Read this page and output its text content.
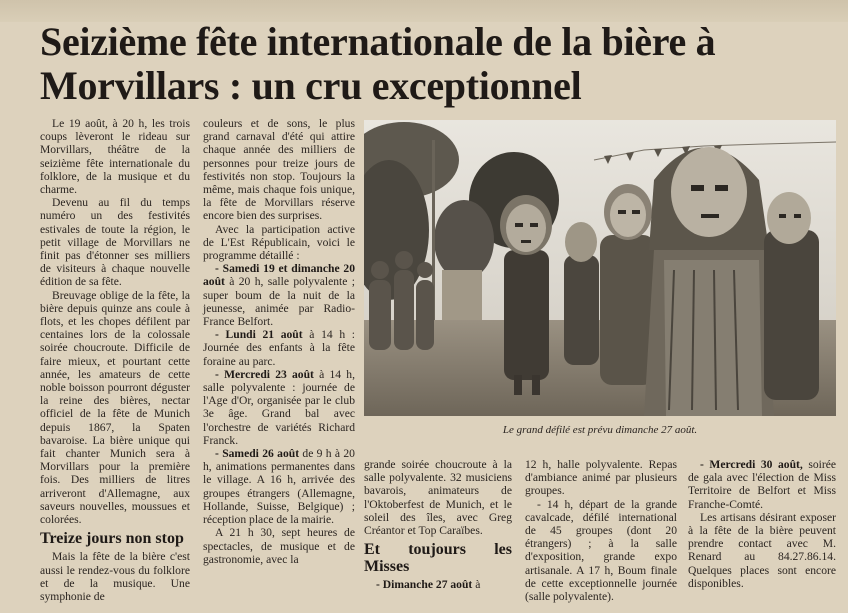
Seizième fête internationale de la bière à Morvillars : un cru exceptionnel

Le 19 août, à 20 h, les trois coups lèveront le rideau sur Morvillars, théâtre de la seizième fête internationale du folklore, de la musique et du charme.

Devenu au fil du temps numéro un des festivités estivales de toute la région, le petit village de Morvillars ne finit pas d'étonner ses milliers de visiteurs à chaque nouvelle édition de sa fête.

Breuvage oblige de la fête, la bière depuis quinze ans coule à flots, et les chopes défilent par centaines lors de la colossale soirée choucroute. Difficile de faire mieux, et pourtant cette année, les amateurs de cette noble boisson pourront déguster la reine des bières, nectar officiel de la fête de Munich depuis 1867, la Spaten bavaroise. La bière unique qui fait chanter Munich sera à Morvillars pour la première fois. Des milliers de litres arriveront d'Allemagne, aux saveurs nouvelles, moussues et colorées.

Treize jours non stop

Mais la fête de la bière c'est aussi le rendez-vous du folklore et de la musique. Une symphonie de

couleurs et de sons, le plus grand carnaval d'été qui attire chaque année des milliers de personnes pour treize jours de festivités non stop. Toujours la même, mais chaque fois unique, la fête de Morvillars réserve encore bien des surprises.

Avec la participation active de L'Est Républicain, voici le programme détaillé :

- Samedi 19 et dimanche 20 août à 20 h, salle polyvalente ; super boum de la nuit de la jeunesse, animée par Radio-France Belfort.

- Lundi 21 août à 14 h : Journée des enfants à la fête foraine au parc.

- Mercredi 23 août à 14 h, salle polyvalente : journée de l'Age d'Or, organisée par le club 3e âge. Grand bal avec l'orchestre de variétés Richard Franck.

- Samedi 26 août de 9 h à 20 h, animations permanentes dans le village. A 16 h, arrivée des groupes étrangers (Allemagne, Hollande, Suisse, Belgique) ; réception place de la mairie.

A 21 h 30, sept heures de spectacles, de musique et de gastronomie, avec la

Le grand défilé est prévu dimanche 27 août.

grande soirée choucroute à la salle polyvalente. 32 musiciens bavarois, animateurs de l'Oktoberfest de Munich, et le soleil des îles, avec Greg Créantor et Top Caraïbes.

Et toujours les Misses

- Dimanche 27 août à

12 h, halle polyvalente. Repas d'ambiance animé par plusieurs groupes.

- 14 h, départ de la grande cavalcade, défilé international de 45 groupes (dont 20 étrangers) ; à la salle d'exposition, grande expo artisanale. A 17 h, Boum finale de cette exceptionnelle journée (salle polyvalente).

- Mercredi 30 août, soirée de gala avec l'élection de Miss Territoire de Belfort et Miss Franche-Comté.

Les artisans désirant exposer à la fête de la bière peuvent prendre contact avec M. Renard au 84.27.86.14. Quelques places sont encore disponibles.
